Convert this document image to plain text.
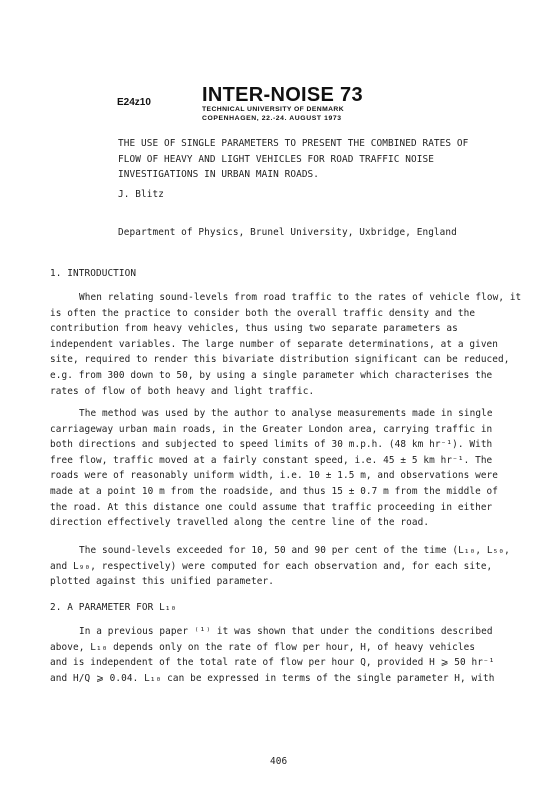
E24z10	INTER-NOISE 73
TECHNICAL UNIVERSITY OF DENMARK
COPENHAGEN, 22.-24. AUGUST 1973
THE USE OF SINGLE PARAMETERS TO PRESENT THE COMBINED RATES OF
FLOW OF HEAVY AND LIGHT VEHICLES FOR ROAD TRAFFIC NOISE
INVESTIGATIONS IN URBAN MAIN ROADS.
J. Blitz
Department of Physics, Brunel University, Uxbridge, England
1. INTRODUCTION
When relating sound-levels from road traffic to the rates of vehicle flow, it
is often the practice to consider both the overall traffic density and the
contribution from heavy vehicles, thus using two separate parameters as
independent variables. The large number of separate determinations, at a given
site, required to render this bivariate distribution significant can be reduced,
e.g. from 300 down to 50, by using a single parameter which characterises the
rates of flow of both heavy and light traffic.
The method was used by the author to analyse measurements made in single
carriageway urban main roads, in the Greater London area, carrying traffic in
both directions and subjected to speed limits of 30 m.p.h. (48 km hr⁻¹). With
free flow, traffic moved at a fairly constant speed, i.e. 45 ± 5 km hr⁻¹. The
roads were of reasonably uniform width, i.e. 10 ± 1.5 m, and observations were
made at a point 10 m from the roadside, and thus 15 ± 0.7 m from the middle of
the road. At this distance one could assume that traffic proceeding in either
direction effectively travelled along the centre line of the road.
The sound-levels exceeded for 10, 50 and 90 per cent of the time (L₁₀, L₅₀,
and L₉₀, respectively) were computed for each observation and, for each site,
plotted against this unified parameter.
2. A PARAMETER FOR L₁₀
In a previous paper ⁽¹⁾ it was shown that under the conditions described
above, L₁₀ depends only on the rate of flow per hour, H, of heavy vehicles
and is independent of the total rate of flow per hour Q, provided H ⩾ 50 hr⁻¹
and H/Q ⩾ 0.04. L₁₀ can be expressed in terms of the single parameter H, with
406
